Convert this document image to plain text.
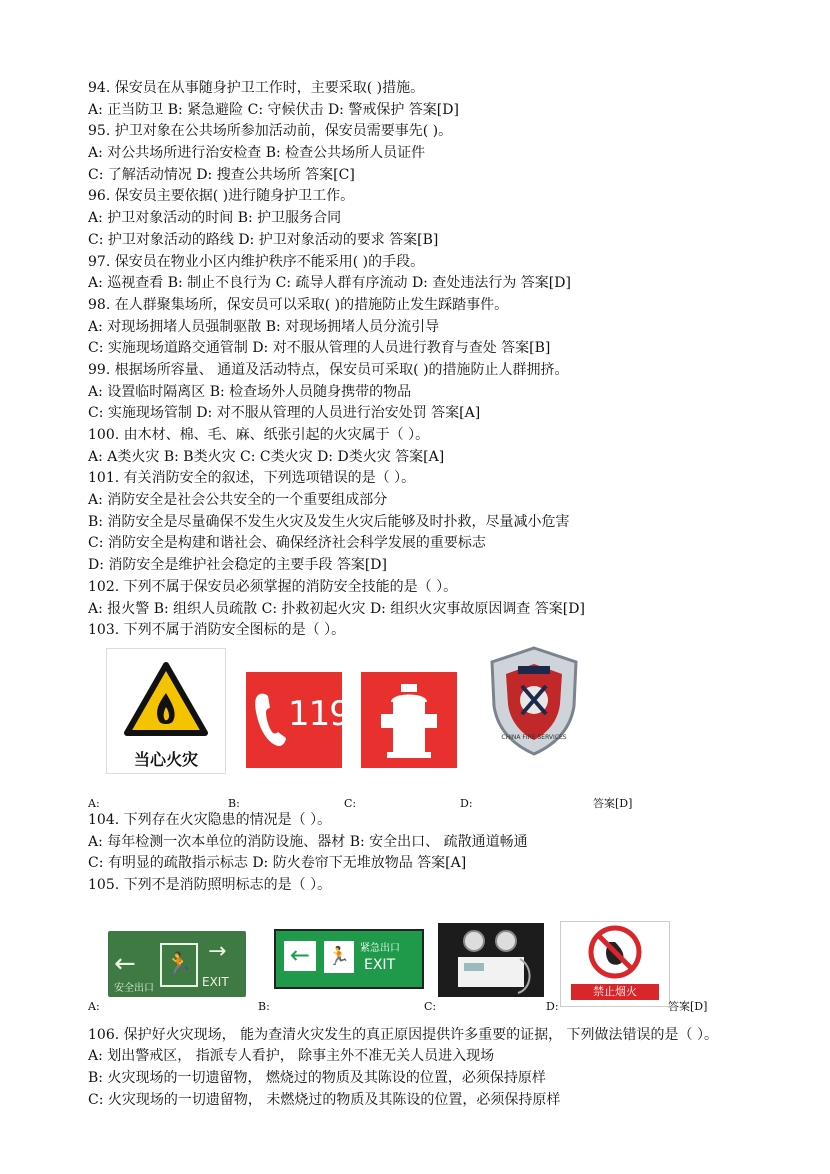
94. 保安员在从事随身护卫工作时，主要采取( )措施。
A: 正当防卫 B: 紧急避险 C: 守候伏击 D: 警戒保护 答案[D]
95. 护卫对象在公共场所参加活动前，保安员需要事先( )。
A: 对公共场所进行治安检查 B: 检查公共场所人员证件
C: 了解活动情况 D: 搜查公共场所 答案[C]
96. 保安员主要依据( )进行随身护卫工作。
A: 护卫对象活动的时间 B: 护卫服务合同
C: 护卫对象活动的路线 D: 护卫对象活动的要求 答案[B]
97. 保安员在物业小区内维护秩序不能采用( )的手段。
A: 巡视查看 B: 制止不良行为 C: 疏导人群有序流动 D: 查处违法行为 答案[D]
98. 在人群聚集场所，保安员可以采取( )的措施防止发生踩踏事件。
A: 对现场拥堵人员强制驱散 B: 对现场拥堵人员分流引导
C: 实施现场道路交通管制 D: 对不服从管理的人员进行教育与查处 答案[B]
99. 根据场所容量、 通道及活动特点，保安员可采取( )的措施防止人群拥挤。
A: 设置临时隔离区 B: 检查场外人员随身携带的物品
C: 实施现场管制 D: 对不服从管理的人员进行治安处罚 答案[A]
100. 由木材、棉、毛、麻、纸张引起的火灾属于（ ）。
A: A类火灾 B: B类火灾 C: C类火灾 D: D类火灾 答案[A]
101. 有关消防安全的叙述，下列选项错误的是（ ）。
A: 消防安全是社会公共安全的一个重要组成部分
B: 消防安全是尽量确保不发生火灾及发生火灾后能够及时扑救，尽量减小危害
C: 消防安全是构建和谐社会、确保经济社会科学发展的重要标志
D: 消防安全是维护社会稳定的主要手段 答案[D]
102. 下列不属于保安员必须掌握的消防安全技能的是（ ）。
A: 报火警 B: 组织人员疏散 C: 扑救初起火灾 D: 组织火灾事故原因调查 答案[D]
103. 下列不属于消防安全图标的是（ ）。
A:
当心火灾
B:
119
C:	D:
CHINA FIRE SERVICES
答案[D]
104. 下列存在火灾隐患的情况是（ ）。
A: 每年检测一次本单位的消防设施、器材 B: 安全出口、 疏散通道畅通
C: 有明显的疏散指示标志 D: 防火卷帘下无堆放物品 答案[A]
105. 下列不是消防照明标志的是（ ）。
A:
← 🏃
→
安全出口	EXIT
B:
← 🏃 紧急出口
EXIT
C:	D:
禁止烟火
答案[D]
106. 保护好火灾现场， 能为查清火灾发生的真正原因提供许多重要的证据， 下列做法错误的是（ ）。
A: 划出警戒区， 指派专人看护， 除事主外不准无关人员进入现场
B: 火灾现场的一切遗留物， 燃烧过的物质及其陈设的位置，必须保持原样
C: 火灾现场的一切遗留物， 未燃烧过的物质及其陈设的位置，必须保持原样
